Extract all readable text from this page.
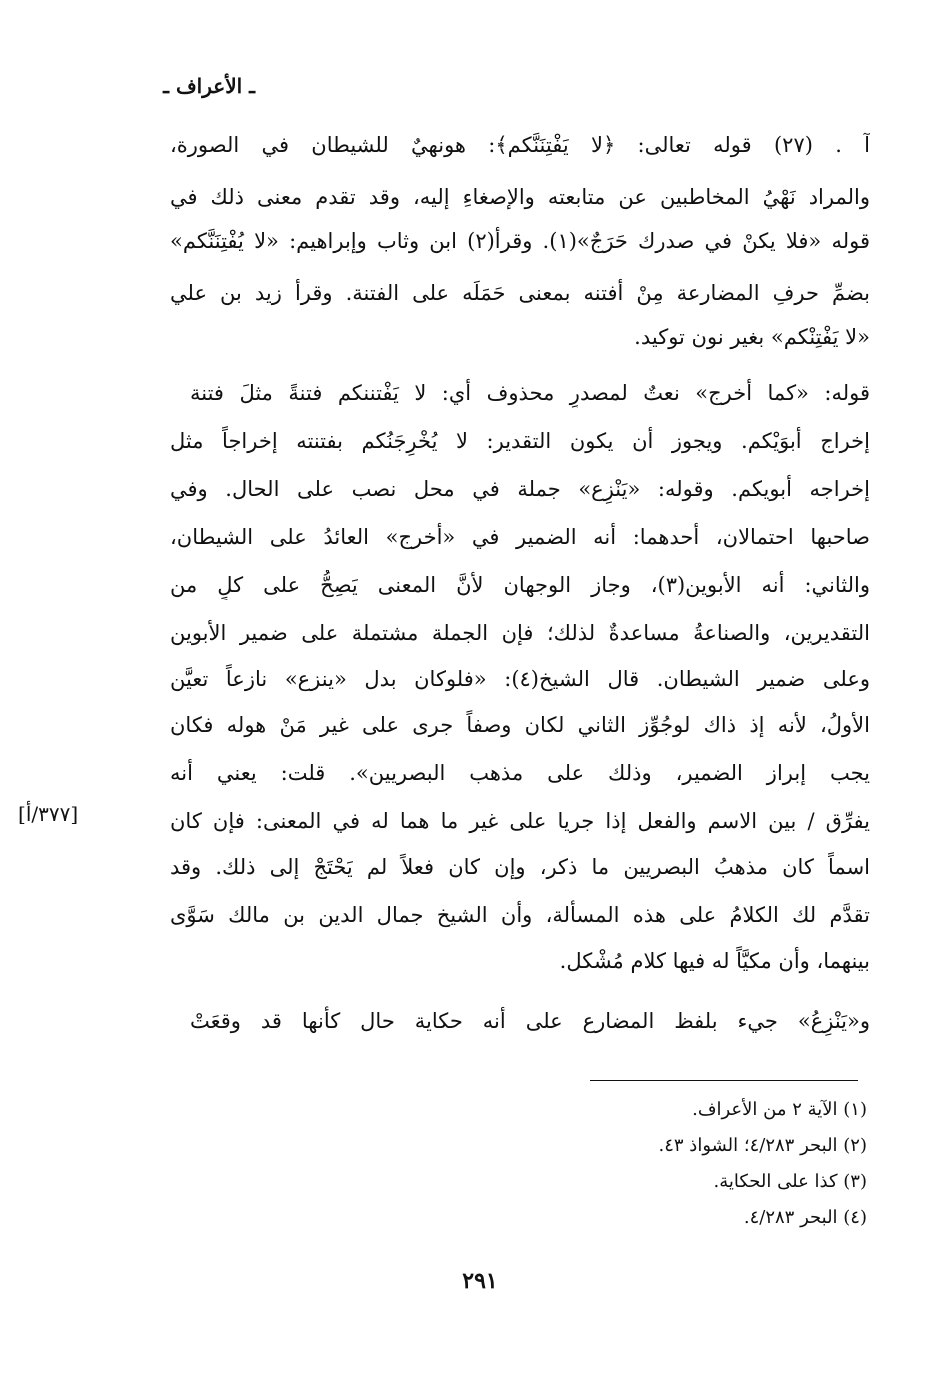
ـ الأعراف ـ
آ . (٢٧) قوله تعالى: ﴿لا يَفْتِنَنَّكم﴾: هونهيٌ للشيطان في الصورة،
والمراد نَهْيُ المخاطبين عن متابعته والإصغاءِ إليه، وقد تقدم معنى ذلك في
قوله «فلا يكنْ في صدرك حَرَجٌ»(١). وقرأ(٢) ابن وثاب وإبراهيم: «لا يُفْتِنَنَّكم»
بضمِّ حرفِ المضارعة مِنْ أفتنه بمعنى حَمَلَه على الفتنة. وقرأ زيد بن علي
«لا يَفْتِنْكم» بغير نون توكيد.
قوله: «كما أخرج» نعتٌ لمصدرٍ محذوف أي: لا يَفْتننكم فتنةً مثلَ فتنة
إخراج أبوَيْكم. ويجوز أن يكون التقدير: لا يُخْرِجَنُكم بفتنته إخراجاً مثل
إخراجه أبويكم. وقوله: «يَنْزِع» جملة في محل نصب على الحال. وفي
صاحبها احتمالان، أحدهما: أنه الضمير في «أخرج» العائدُ على الشيطان،
والثاني: أنه الأبوين(٣)، وجاز الوجهان لأنَّ المعنى يَصِحُّ على كلٍ من
التقديرين، والصناعةُ مساعدةٌ لذلك؛ فإن الجملة مشتملة على ضمير الأبوين
وعلى ضمير الشيطان. قال الشيخ(٤): «فلوكان بدل «ينزع» نازعاً تعيَّن
الأولُ، لأنه إذ ذاك لوجُوِّز الثاني لكان وصفاً جرى على غير مَنْ هوله فكان
يجب إبراز الضمير، وذلك على مذهب البصريين». قلت: يعني أنه
يفرِّق / بين الاسم والفعل إذا جريا على غير ما هما له في المعنى: فإن كان
اسماً كان مذهبُ البصريين ما ذكر، وإن كان فعلاً لم يَحْتَجْ إلى ذلك. وقد
تقدَّم لك الكلامُ على هذه المسألة، وأن الشيخ جمال الدين بن مالك سَوَّى
بينهما، وأن مكيَّاً له فيها كلام مُشْكل.
و«يَنْزِعُ» جيء بلفظ المضارع على أنه حكاية حال كأنها قد وقعَتْ
[٣٧٧/أ]
(١) الآية ٢ من الأعراف.
(٢) البحر ٤/٢٨٣؛ الشواذ ٤٣.
(٣) كذا على الحكاية.
(٤) البحر ٤/٢٨٣.
٢٩١
